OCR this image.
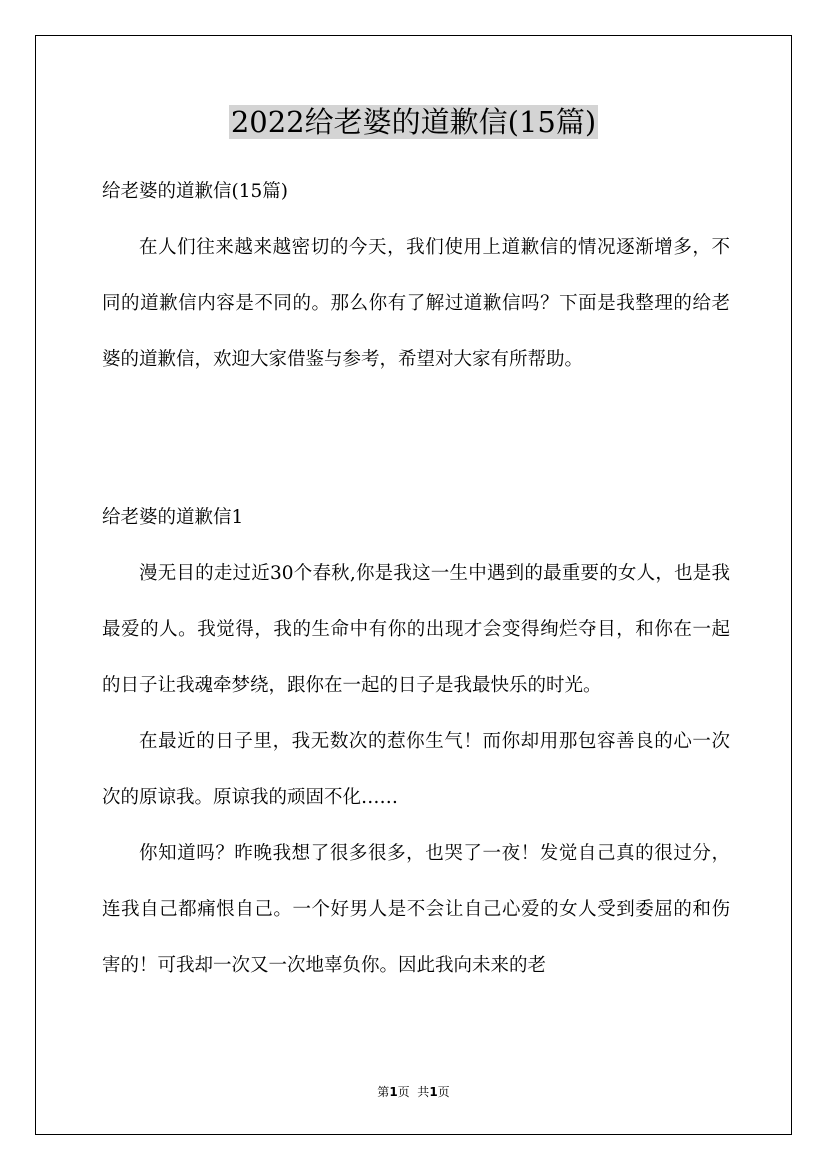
2022给老婆的道歉信(15篇)

给老婆的道歉信(15篇)

在人们往来越来越密切的今天，我们使用上道歉信的情况逐渐增多，不同的道歉信内容是不同的。那么你有了解过道歉信吗？下面是我整理的给老婆的道歉信，欢迎大家借鉴与参考，希望对大家有所帮助。

给老婆的道歉信1

漫无目的走过近30个春秋,你是我这一生中遇到的最重要的女人，也是我最爱的人。我觉得，我的生命中有你的出现才会变得绚烂夺目，和你在一起的日子让我魂牵梦绕，跟你在一起的日子是我最快乐的时光。

在最近的日子里，我无数次的惹你生气！而你却用那包容善良的心一次次的原谅我。原谅我的顽固不化……

你知道吗？昨晚我想了很多很多，也哭了一夜！发觉自己真的很过分，连我自己都痛恨自己。一个好男人是不会让自己心爱的女人受到委屈的和伤害的！可我却一次又一次地辜负你。因此我向未来的老

第1页  共1页
